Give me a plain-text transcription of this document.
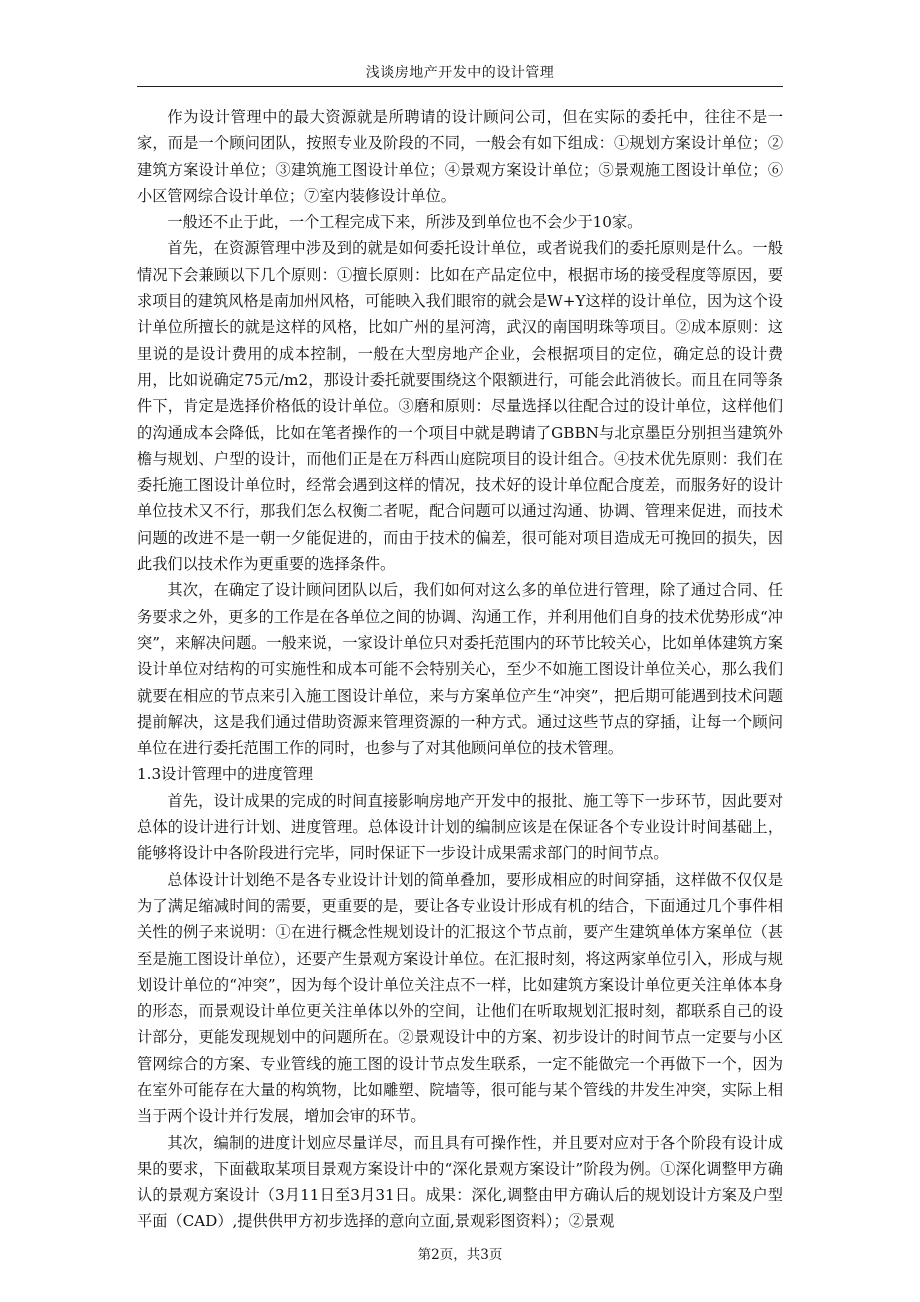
浅谈房地产开发中的设计管理

作为设计管理中的最大资源就是所聘请的设计顾问公司，但在实际的委托中，往往不是一家，而是一个顾问团队，按照专业及阶段的不同，一般会有如下组成：①规划方案设计单位；②建筑方案设计单位；③建筑施工图设计单位；④景观方案设计单位；⑤景观施工图设计单位；⑥小区管网综合设计单位；⑦室内装修设计单位。

一般还不止于此，一个工程完成下来，所涉及到单位也不会少于10家。

首先，在资源管理中涉及到的就是如何委托设计单位，或者说我们的委托原则是什么。一般情况下会兼顾以下几个原则：①擅长原则：比如在产品定位中，根据市场的接受程度等原因，要求项目的建筑风格是南加州风格，可能映入我们眼帘的就会是W+Y这样的设计单位，因为这个设计单位所擅长的就是这样的风格，比如广州的星河湾，武汉的南国明珠等项目。②成本原则：这里说的是设计费用的成本控制，一般在大型房地产企业，会根据项目的定位，确定总的设计费用，比如说确定75元/m2，那设计委托就要围绕这个限额进行，可能会此消彼长。而且在同等条件下，肯定是选择价格低的设计单位。③磨和原则：尽量选择以往配合过的设计单位，这样他们的沟通成本会降低，比如在笔者操作的一个项目中就是聘请了GBBN与北京墨臣分别担当建筑外檐与规划、户型的设计，而他们正是在万科西山庭院项目的设计组合。④技术优先原则：我们在委托施工图设计单位时，经常会遇到这样的情况，技术好的设计单位配合度差，而服务好的设计单位技术又不行，那我们怎么权衡二者呢，配合问题可以通过沟通、协调、管理来促进，而技术问题的改进不是一朝一夕能促进的，而由于技术的偏差，很可能对项目造成无可挽回的损失，因此我们以技术作为更重要的选择条件。

其次，在确定了设计顾问团队以后，我们如何对这么多的单位进行管理，除了通过合同、任务要求之外，更多的工作是在各单位之间的协调、沟通工作，并利用他们自身的技术优势形成“冲突”，来解决问题。一般来说，一家设计单位只对委托范围内的环节比较关心，比如单体建筑方案设计单位对结构的可实施性和成本可能不会特别关心，至少不如施工图设计单位关心，那么我们就要在相应的节点来引入施工图设计单位，来与方案单位产生“冲突”，把后期可能遇到技术问题提前解决，这是我们通过借助资源来管理资源的一种方式。通过这些节点的穿插，让每一个顾问单位在进行委托范围工作的同时，也参与了对其他顾问单位的技术管理。

1.3设计管理中的进度管理

首先，设计成果的完成的时间直接影响房地产开发中的报批、施工等下一步环节，因此要对总体的设计进行计划、进度管理。总体设计计划的编制应该是在保证各个专业设计时间基础上，能够将设计中各阶段进行完毕，同时保证下一步设计成果需求部门的时间节点。

总体设计计划绝不是各专业设计计划的简单叠加，要形成相应的时间穿插，这样做不仅仅是为了满足缩减时间的需要，更重要的是，要让各专业设计形成有机的结合，下面通过几个事件相关性的例子来说明：①在进行概念性规划设计的汇报这个节点前，要产生建筑单体方案单位（甚至是施工图设计单位），还要产生景观方案设计单位。在汇报时刻，将这两家单位引入，形成与规划设计单位的“冲突”，因为每个设计单位关注点不一样，比如建筑方案设计单位更关注单体本身的形态，而景观设计单位更关注单体以外的空间，让他们在听取规划汇报时刻，都联系自己的设计部分，更能发现规划中的问题所在。②景观设计中的方案、初步设计的时间节点一定要与小区管网综合的方案、专业管线的施工图的设计节点发生联系，一定不能做完一个再做下一个，因为在室外可能存在大量的构筑物，比如雕塑、院墙等，很可能与某个管线的井发生冲突，实际上相当于两个设计并行发展，增加会审的环节。

其次，编制的进度计划应尽量详尽，而且具有可操作性，并且要对应对于各个阶段有设计成果的要求，下面截取某项目景观方案设计中的“深化景观方案设计”阶段为例。①深化调整甲方确认的景观方案设计（3月11日至3月31日。成果：深化,调整由甲方确认后的规划设计方案及户型平面（CAD）,提供供甲方初步选择的意向立面,景观彩图资料）；②景观

第2页，共3页
